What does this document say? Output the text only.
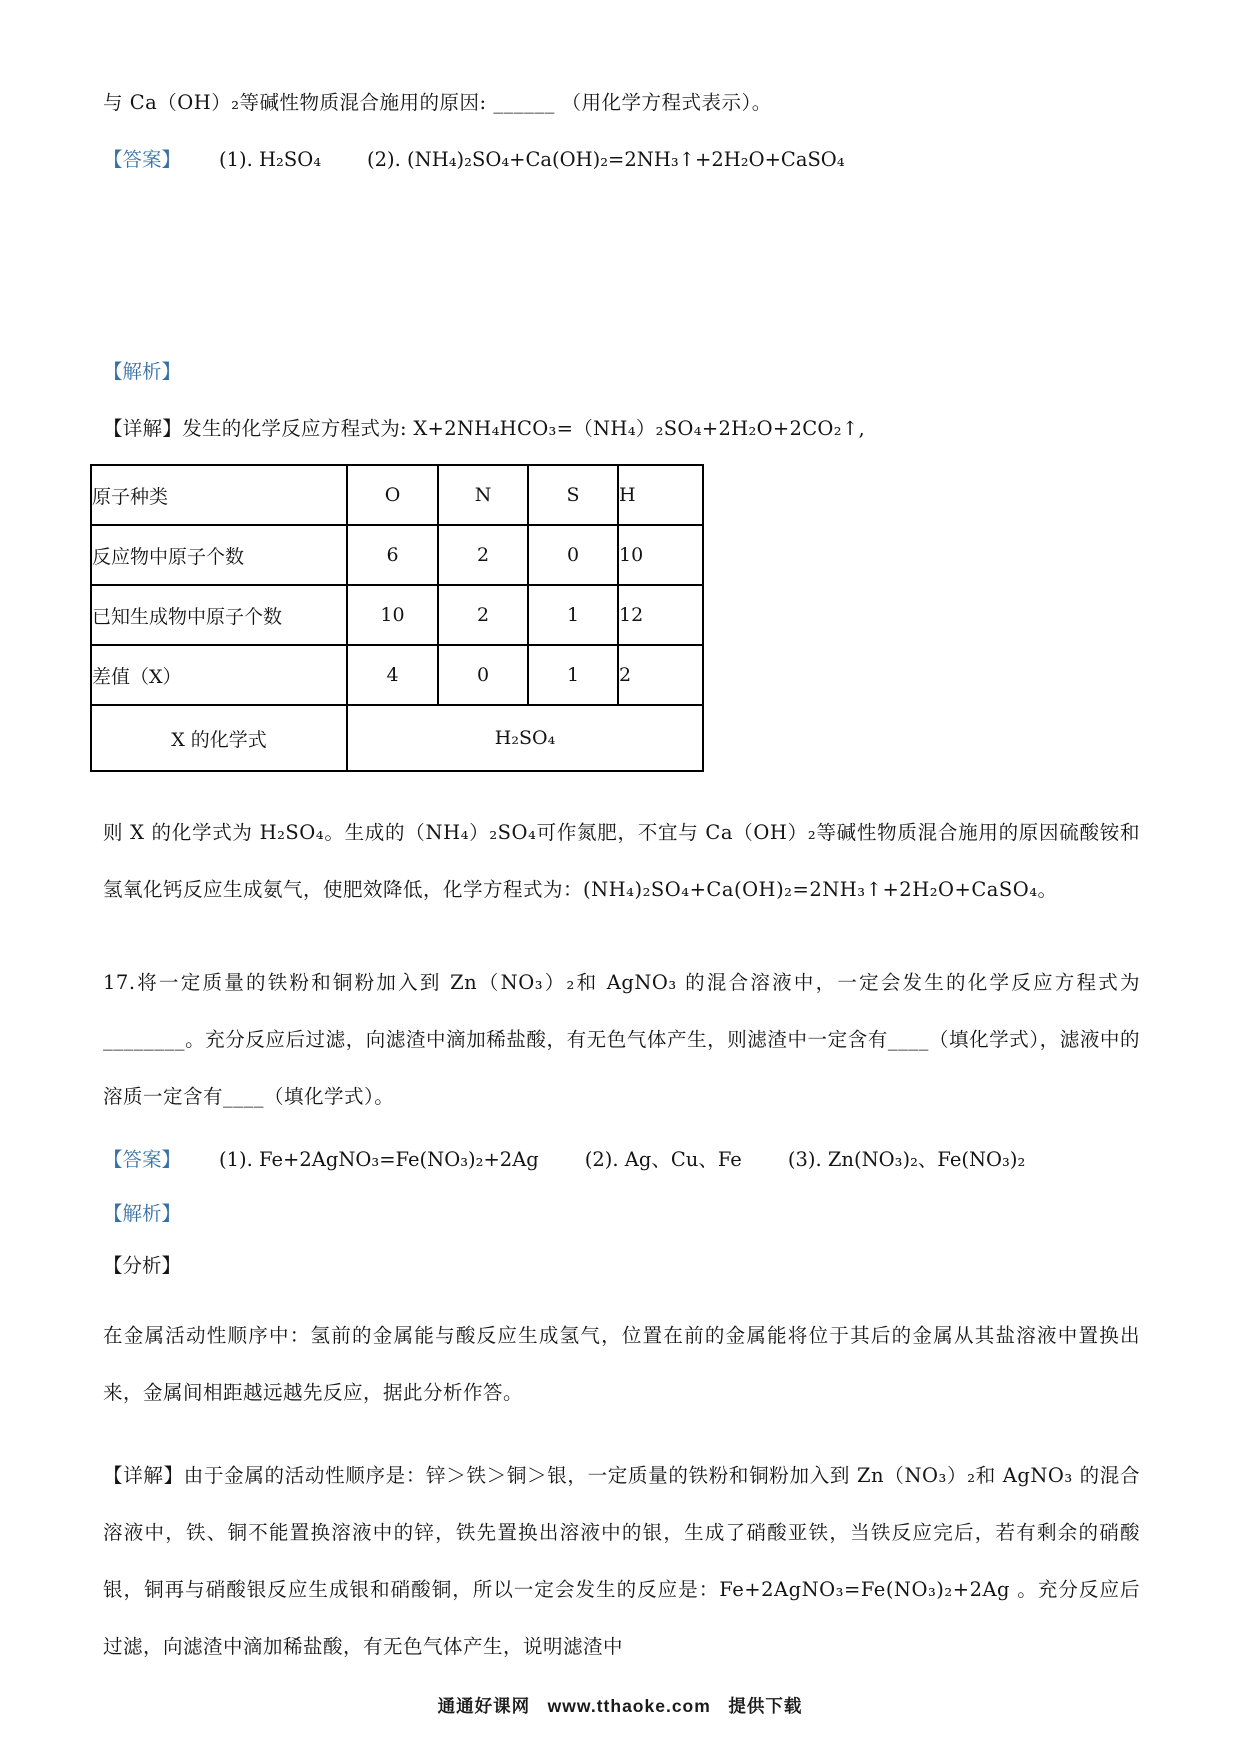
与 Ca（OH）₂等碱性物质混合施用的原因: ______ （用化学方程式表示）。
【答案】 (1). H₂SO₄ (2). (NH₄)₂SO₄+Ca(OH)₂=2NH₃↑+2H₂O+CaSO₄
【解析】
【详解】发生的化学反应方程式为: X+2NH₄HCO₃=（NH₄）₂SO₄+2H₂O+2CO₂↑,
原子种类	O	N	S	H
反应物中原子个数	6	2	0	10
已知生成物中原子个数	10	2	1	12
差值（X）	4	0	1	2
X 的化学式	H₂SO₄			
则 X 的化学式为 H₂SO₄。生成的（NH₄）₂SO₄可作氮肥，不宜与 Ca（OH）₂等碱性物质混合施用的原因硫酸铵和氢氧化钙反应生成氨气，使肥效降低，化学方程式为：(NH₄)₂SO₄+Ca(OH)₂=2NH₃↑+2H₂O+CaSO₄。
17.将一定质量的铁粉和铜粉加入到 Zn（NO₃）₂和 AgNO₃ 的混合溶液中，一定会发生的化学反应方程式为________。充分反应后过滤，向滤渣中滴加稀盐酸，有无色气体产生，则滤渣中一定含有____（填化学式），滤液中的溶质一定含有____（填化学式）。
【答案】 (1). Fe+2AgNO₃=Fe(NO₃)₂+2Ag (2). Ag、Cu、Fe (3). Zn(NO₃)₂、Fe(NO₃)₂
【解析】
【分析】
在金属活动性顺序中：氢前的金属能与酸反应生成氢气，位置在前的金属能将位于其后的金属从其盐溶液中置换出来，金属间相距越远越先反应，据此分析作答。
【详解】由于金属的活动性顺序是：锌＞铁＞铜＞银，一定质量的铁粉和铜粉加入到 Zn（NO₃）₂和 AgNO₃ 的混合溶液中，铁、铜不能置换溶液中的锌，铁先置换出溶液中的银，生成了硝酸亚铁，当铁反应完后，若有剩余的硝酸银，铜再与硝酸银反应生成银和硝酸铜，所以一定会发生的反应是：Fe+2AgNO₃=Fe(NO₃)₂+2Ag 。充分反应后过滤，向滤渣中滴加稀盐酸，有无色气体产生，说明滤渣中
通通好课网 www.tthaoke.com 提供下载
